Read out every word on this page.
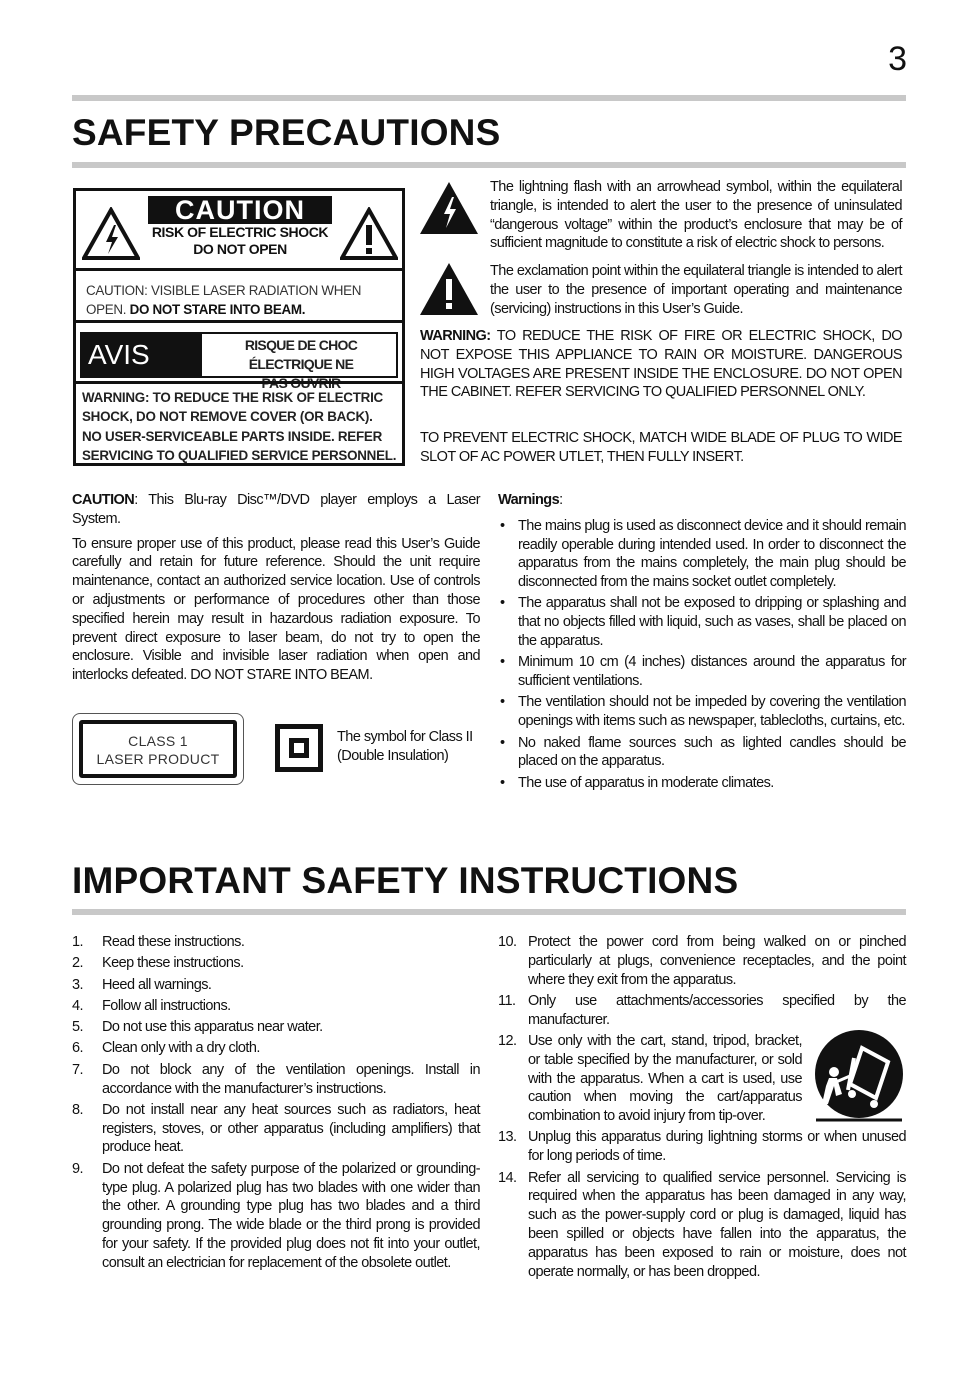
3
SAFETY PRECAUTIONS
CAUTION
RISK OF ELECTRIC SHOCK
DO NOT OPEN
CAUTION: VISIBLE LASER RADIATION WHEN
OPEN. DO NOT STARE INTO BEAM.
AVIS	RISQUE DE CHOC ÉLECTRIQUE NE
PAS OUVRIR
WARNING: TO REDUCE THE RISK OF ELECTRIC
SHOCK, DO NOT REMOVE COVER (OR BACK).
NO USER-SERVICEABLE PARTS INSIDE. REFER
SERVICING TO QUALIFIED SERVICE PERSONNEL.
The lightning flash with an arrowhead symbol, within the equilateral triangle, is intended to alert the user to the presence of uninsulated “dangerous voltage” within the product’s enclosure that may be of sufficient magnitude to constitute a risk of electric shock to persons.
The exclamation point within the equilateral triangle is intended to alert the user to the presence of important operating and maintenance (servicing) instructions in this User’s Guide.
WARNING: TO REDUCE THE RISK OF FIRE OR ELECTRIC SHOCK, DO NOT EXPOSE THIS APPLIANCE TO RAIN OR MOISTURE. DANGEROUS HIGH VOLTAGES ARE PRESENT INSIDE THE ENCLOSURE. DO NOT OPEN THE CABINET. REFER SERVICING TO QUALIFIED PERSONNEL ONLY.
TO PREVENT ELECTRIC SHOCK, MATCH WIDE BLADE OF PLUG TO WIDE SLOT OF AC POWER UTLET, THEN FULLY INSERT.

CAUTION: This Blu-ray Disc™/DVD player employs a Laser System.

To ensure proper use of this product, please read this User’s Guide carefully and retain for future reference. Should the unit require maintenance, contact an authorized service location. Use of controls or adjustments or performance of procedures other than those specified herein may result in hazardous radiation exposure. To prevent direct exposure to laser beam, do not try to open the enclosure. Visible and invisible laser radiation when open and interlocks defeated. DO NOT STARE INTO BEAM.

CLASS 1
LASER PRODUCT
The symbol for Class II
(Double Insulation)

Warnings:

• The mains plug is used as disconnect device and it should remain readily operable during intended used. In order to disconnect the apparatus from the mains completely, the main plug should be disconnected from the mains socket outlet completely.
• The apparatus shall not be exposed to dripping or splashing and that no objects filled with liquid, such as vases, shall be placed on the apparatus.
• Minimum 10 cm (4 inches) distances around the apparatus for sufficient ventilations.
• The ventilation should not be impeded by covering the ventilation openings with items such as newspaper, tablecloths, curtains, etc.
• No naked flame sources such as lighted candles should be placed on the apparatus.
• The use of apparatus in moderate climates.
IMPORTANT SAFETY INSTRUCTIONS
1. Read these instructions.
2. Keep these instructions.
3. Heed all warnings.
4. Follow all instructions.
5. Do not use this apparatus near water.
6. Clean only with a dry cloth.
7. Do not block any of the ventilation openings. Install in accordance with the manufacturer’s instructions.
8. Do not install near any heat sources such as radiators, heat registers, stoves, or other apparatus (including amplifiers) that produce heat.
9. Do not defeat the safety purpose of the polarized or grounding-type plug. A polarized plug has two blades with one wider than the other. A grounding type plug has two blades and a third grounding prong. The wide blade or the third prong is provided for your safety. If the provided plug does not fit into your outlet, consult an electrician for replacement of the obsolete outlet.
10. Protect the power cord from being walked on or pinched particularly at plugs, convenience receptacles, and the point where they exit from the apparatus.
11. Only use attachments/accessories specified by the manufacturer.
12. Use only with the cart, stand, tripod, bracket, or table specified by the manufacturer, or sold with the apparatus. When a cart is used, use caution when moving the cart/apparatus combination to avoid injury from tip-over.
13. Unplug this apparatus during lightning storms or when unused for long periods of time.
14. Refer all servicing to qualified service personnel. Servicing is required when the apparatus has been damaged in any way, such as the power-supply cord or plug is damaged, liquid has been spilled or objects have fallen into the apparatus, the apparatus has been exposed to rain or moisture, does not operate normally, or has been dropped.
